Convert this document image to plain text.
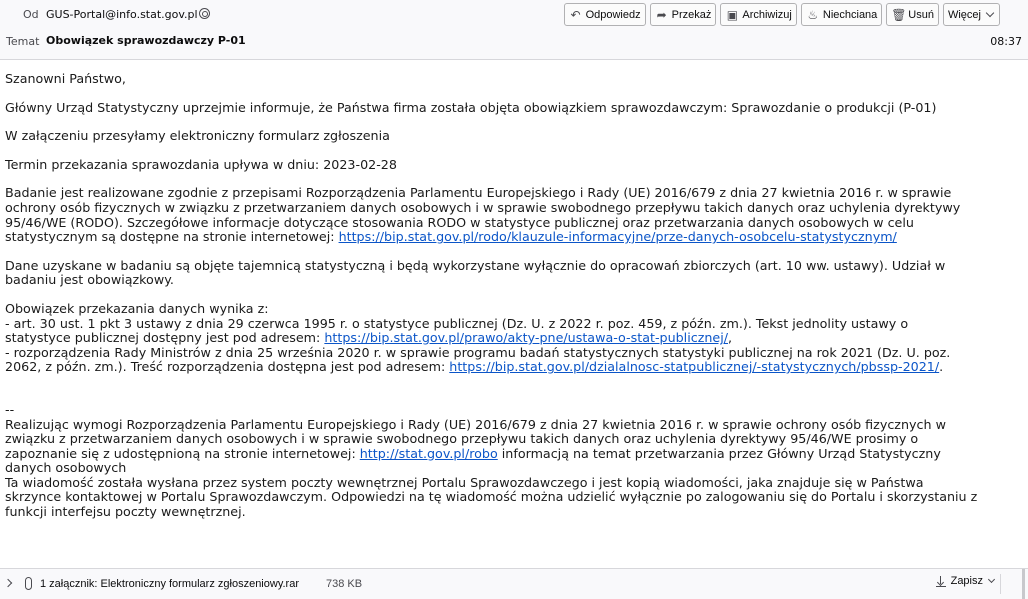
Od GUS-Portal@info.stat.gov.pl	↶ Odpowiedz ➦ Przekaż ▣ Archiwizuj ♨ Niechciana 🗑 Usuń Więcej
Temat Obowiązek sprawozdawczy P-01	08:37

Szanowni Państwo,

Główny Urząd Statystyczny uprzejmie informuje, że Państwa firma została objęta obowiązkiem sprawozdawczym: Sprawozdanie o produkcji (P-01)

W załączeniu przesyłamy elektroniczny formularz zgłoszenia

Termin przekazania sprawozdania upływa w dniu: 2023-02-28

Badanie jest realizowane zgodnie z przepisami Rozporządzenia Parlamentu Europejskiego i Rady (UE) 2016/679 z dnia 27 kwietnia 2016 r. w sprawie
ochrony osób fizycznych w związku z przetwarzaniem danych osobowych i w sprawie swobodnego przepływu takich danych oraz uchylenia dyrektywy
95/46/WE (RODO). Szczegółowe informacje dotyczące stosowania RODO w statystyce publicznej oraz przetwarzania danych osobowych w celu
statystycznym są dostępne na stronie internetowej: https://bip.stat.gov.pl/rodo/klauzule-informacyjne/prze-danych-osobcelu-statystycznym/

Dane uzyskane w badaniu są objęte tajemnicą statystyczną i będą wykorzystane wyłącznie do opracowań zbiorczych (art. 10 ww. ustawy). Udział w
badaniu jest obowiązkowy.

Obowiązek przekazania danych wynika z:
- art. 30 ust. 1 pkt 3 ustawy z dnia 29 czerwca 1995 r. o statystyce publicznej (Dz. U. z 2022 r. poz. 459, z późn. zm.). Tekst jednolity ustawy o
statystyce publicznej dostępny jest pod adresem: https://bip.stat.gov.pl/prawo/akty-pne/ustawa-o-stat-publicznej/,
- rozporządzenia Rady Ministrów z dnia 25 września 2020 r. w sprawie programu badań statystycznych statystyki publicznej na rok 2021 (Dz. U. poz.
2062, z późn. zm.). Treść rozporządzenia dostępna jest pod adresem: https://bip.stat.gov.pl/dzialalnosc-statpublicznej/-statystycznych/pbssp-2021/.

--
Realizując wymogi Rozporządzenia Parlamentu Europejskiego i Rady (UE) 2016/679 z dnia 27 kwietnia 2016 r. w sprawie ochrony osób fizycznych w
związku z przetwarzaniem danych osobowych i w sprawie swobodnego przepływu takich danych oraz uchylenia dyrektywy 95/46/WE prosimy o
zapoznanie się z udostępnioną na stronie internetowej: http://stat.gov.pl/robo informacją na temat przetwarzania przez Główny Urząd Statystyczny
danych osobowych
Ta wiadomość została wysłana przez system poczty wewnętrznej Portalu Sprawozdawczego i jest kopią wiadomości, jaka znajduje się w Państwa
skrzynce kontaktowej w Portalu Sprawozdawczym. Odpowiedzi na tę wiadomość można udzielić wyłącznie po zalogowaniu się do Portalu i skorzystaniu z
funkcji interfejsu poczty wewnętrznej.

1 załącznik: Elektroniczny formularz zgłoszeniowy.rar 738 KB	Zapisz
